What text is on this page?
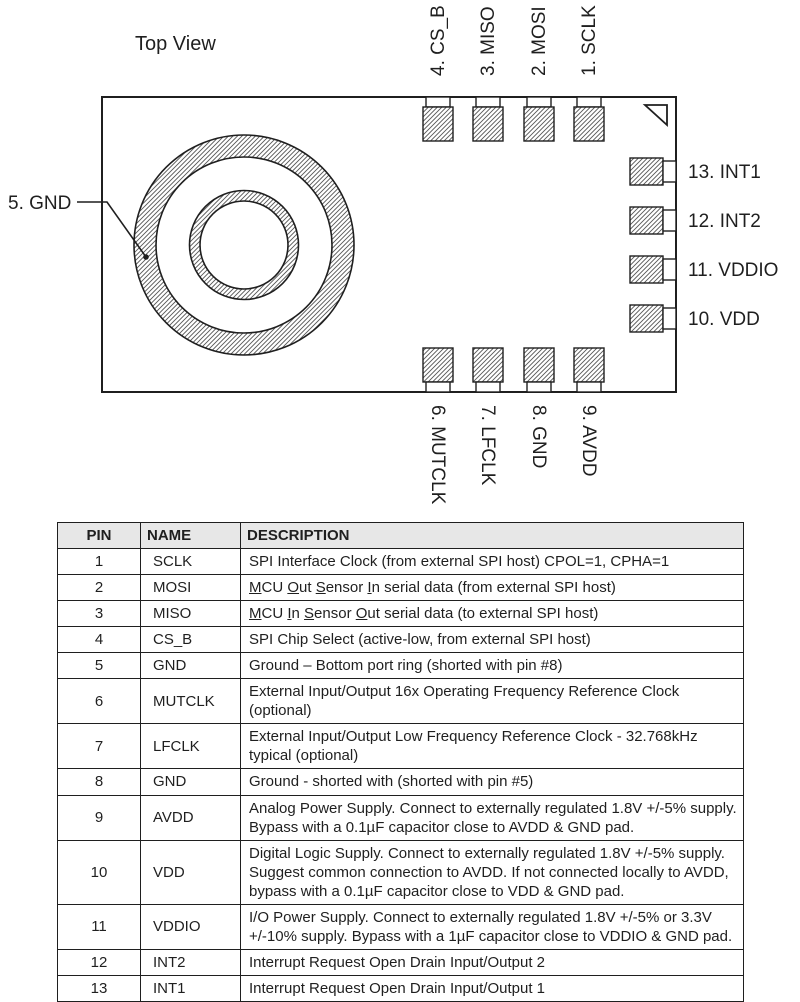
Top View	4. CS_B 3. MISO 2. MOSI 1. SCLK
6. MUTCLK 7. LFCLK 8. GND 9. AVDD
13. INT1
12. INT2
11. VDDIO
10. VDD
5. GND
PIN	NAME	DESCRIPTION
1	SCLK	SPI Interface Clock (from external SPI host) CPOL=1, CPHA=1
2	MOSI	MCU Out Sensor In serial data (from external SPI host)
3	MISO	MCU In Sensor Out serial data (to external SPI host)
4	CS_B	SPI Chip Select (active-low, from external SPI host)
5	GND	Ground – Bottom port ring (shorted with pin #8)
6	MUTCLK	External Input/Output 16x Operating Frequency Reference Clock (optional)
7	LFCLK	External Input/Output Low Frequency Reference Clock - 32.768kHz typical (optional)
8	GND	Ground - shorted with (shorted with pin #5)
9	AVDD	Analog Power Supply. Connect to externally regulated 1.8V +/-5% supply. Bypass with a 0.1µF capacitor close to AVDD & GND pad.
10	VDD	Digital Logic Supply. Connect to externally regulated 1.8V +/-5% supply. Suggest common connection to AVDD. If not connected locally to AVDD, bypass with a 0.1µF capacitor close to VDD & GND pad.
11	VDDIO	I/O Power Supply. Connect to externally regulated 1.8V +/-5% or 3.3V +/-10% supply. Bypass with a 1µF capacitor close to VDDIO & GND pad.
12	INT2	Interrupt Request Open Drain Input/Output 2
13	INT1	Interrupt Request Open Drain Input/Output 1
